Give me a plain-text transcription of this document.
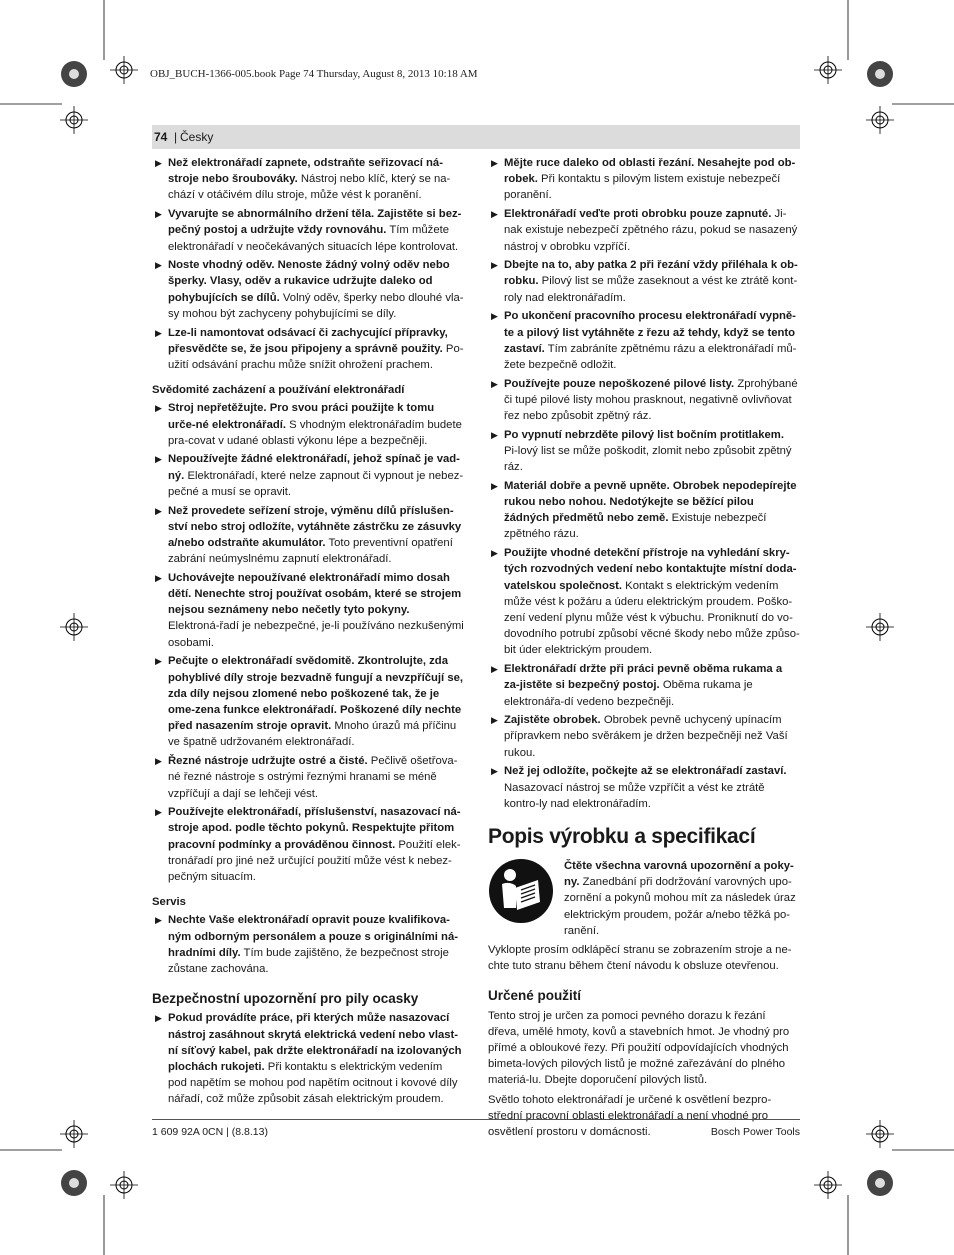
OBJ_BUCH-1366-005.book Page 74 Thursday, August 8, 2013 10:18 AM
74 | Česky
▶ Než elektronářadí zapnete, odstraňte seřizovací ná-stroje nebo šroubováky. Nástroj nebo klíč, který se na-chází v otáčivém dílu stroje, může vést k poranění.
▶ Vyvarujte se abnormálního držení těla. Zajistěte si bez-pečný postoj a udržujte vždy rovnováhu. Tím můžete elektronářadí v neočekávaných situacích lépe kontrolovat.
▶ Noste vhodný oděv. Nenoste žádný volný oděv nebo šperky. Vlasy, oděv a rukavice udržujte daleko od pohybujících se dílů. Volný oděv, šperky nebo dlouhé vla-sy mohou být zachyceny pohybujícími se díly.
▶ Lze-li namontovat odsávací či zachycující přípravky, přesvědčte se, že jsou připojeny a správně použity. Po-užití odsávání prachu může snížit ohrožení prachem.
Svědomité zacházení a používání elektronářadí
▶ Stroj nepřetěžujte. Pro svou práci použijte k tomu urče-né elektronářadí. S vhodným elektronářadím budete pra-covat v udané oblasti výkonu lépe a bezpečněji.
▶ Nepoužívejte žádné elektronářadí, jehož spínač je vad-ný. Elektronářadí, které nelze zapnout či vypnout je nebez-pečné a musí se opravit.
▶ Než provedete seřízení stroje, výměnu dílů příslušen-ství nebo stroj odložíte, vytáhněte zástrčku ze zásuvky a/nebo odstraňte akumulátor. Toto preventivní opatření zabrání neúmyslnému zapnutí elektronářadí.
▶ Uchovávejte nepoužívané elektronářadí mimo dosah dětí. Nenechte stroj používat osobám, které se strojem nejsou seznámeny nebo nečetly tyto pokyny. Elektroná-řadí je nebezpečné, je-li používáno nezkušenými osobami.
▶ Pečujte o elektronářadí svědomitě. Zkontrolujte, zda pohyblivé díly stroje bezvadně fungují a nevzpříčují se, zda díly nejsou zlomené nebo poškozené tak, že je ome-zena funkce elektronářadí. Poškozené díly nechte před nasazením stroje opravit. Mnoho úrazů má příčinu ve špatně udržovaném elektronářadí.
▶ Řezné nástroje udržujte ostré a čisté. Pečlivě ošetřova-né řezné nástroje s ostrými řeznými hranami se méně vzpříčují a dají se lehčeji vést.
▶ Používejte elektronářadí, příslušenství, nasazovací ná-stroje apod. podle těchto pokynů. Respektujte přitom pracovní podmínky a prováděnou činnost. Použití elek-tronářadí pro jiné než určující použití může vést k nebez-pečným situacím.
Servis
▶ Nechte Vaše elektronářadí opravit pouze kvalifikova-ným odborným personálem a pouze s originálními ná-hradními díly. Tím bude zajištěno, že bezpečnost stroje zůstane zachována.
Bezpečnostní upozornění pro pily ocasky
▶ Pokud provádíte práce, při kterých může nasazovací nástroj zasáhnout skrytá elektrická vedení nebo vlast-ní síťový kabel, pak držte elektronářadí na izolovaných plochách rukojeti. Při kontaktu s elektrickým vedením pod napětím se mohou pod napětím ocitnout i kovové díly nářadí, což může způsobit zásah elektrickým proudem.
▶ Mějte ruce daleko od oblasti řezání. Nesahejte pod ob-robek. Při kontaktu s pilovým listem existuje nebezpečí poranění.
▶ Elektronářadí veďte proti obrobku pouze zapnuté. Ji-nak existuje nebezpečí zpětného rázu, pokud se nasazený nástroj v obrobku vzpříčí.
▶ Dbejte na to, aby patka 2 při řezání vždy přiléhala k ob-robku. Pilový list se může zaseknout a vést ke ztrátě kont-roly nad elektronářadím.
▶ Po ukončení pracovního procesu elektronářadí vypně-te a pilový list vytáhněte z řezu až tehdy, když se tento zastaví. Tím zabráníte zpětnému rázu a elektronářadí mů-žete bezpečně odložit.
▶ Používejte pouze nepoškozené pilové listy. Zprohýbané či tupé pilové listy mohou prasknout, negativně ovlivňovat řez nebo způsobit zpětný ráz.
▶ Po vypnutí nebrzděte pilový list bočním protitlakem. Pi-lový list se může poškodit, zlomit nebo způsobit zpětný ráz.
▶ Materiál dobře a pevně upněte. Obrobek nepodepírejte rukou nebo nohou. Nedotýkejte se běžící pilou žádných předmětů nebo země. Existuje nebezpečí zpětného rázu.
▶ Použijte vhodné detekční přístroje na vyhledání skry-tých rozvodných vedení nebo kontaktujte místní doda-vatelskou společnost. Kontakt s elektrickým vedením může vést k požáru a úderu elektrickým proudem. Poško-zení vedení plynu může vést k výbuchu. Proniknutí do vo-dovodního potrubí způsobí věcné škody nebo může způso-bit úder elektrickým proudem.
▶ Elektronářadí držte při práci pevně oběma rukama a za-jistěte si bezpečný postoj. Oběma rukama je elektronářa-dí vedeno bezpečněji.
▶ Zajistěte obrobek. Obrobek pevně uchycený upínacím přípravkem nebo svěrákem je držen bezpečněji než Vaší rukou.
▶ Než jej odložíte, počkejte až se elektronářadí zastaví. Nasazovací nástroj se může vzpříčit a vést ke ztrátě kontro-ly nad elektronářadím.
Popis výrobku a specifikací
Čtěte všechna varovná upozornění a poky-ny. Zanedbání při dodržování varovných upo-zornění a pokynů mohou mít za následek úraz elektrickým proudem, požár a/nebo těžká po-ranění.
Vyklopte prosím odklápěcí stranu se zobrazením stroje a ne-chte tuto stranu během čtení návodu k obsluze otevřenou.
Určené použití
Tento stroj je určen za pomoci pevného dorazu k řezání dřeva, umělé hmoty, kovů a stavebních hmot. Je vhodný pro přímé a obloukové řezy. Při použití odpovídajících vhodných bimeta-lových pilových listů je možné zařezávání do plného materiá-lu. Dbejte doporučení pilových listů.
Světlo tohoto elektronářadí je určené k osvětlení bezpro-střední pracovní oblasti elektronářadí a není vhodné pro osvětlení prostoru v domácnosti.
1 609 92A 0CN | (8.8.13)	Bosch Power Tools
